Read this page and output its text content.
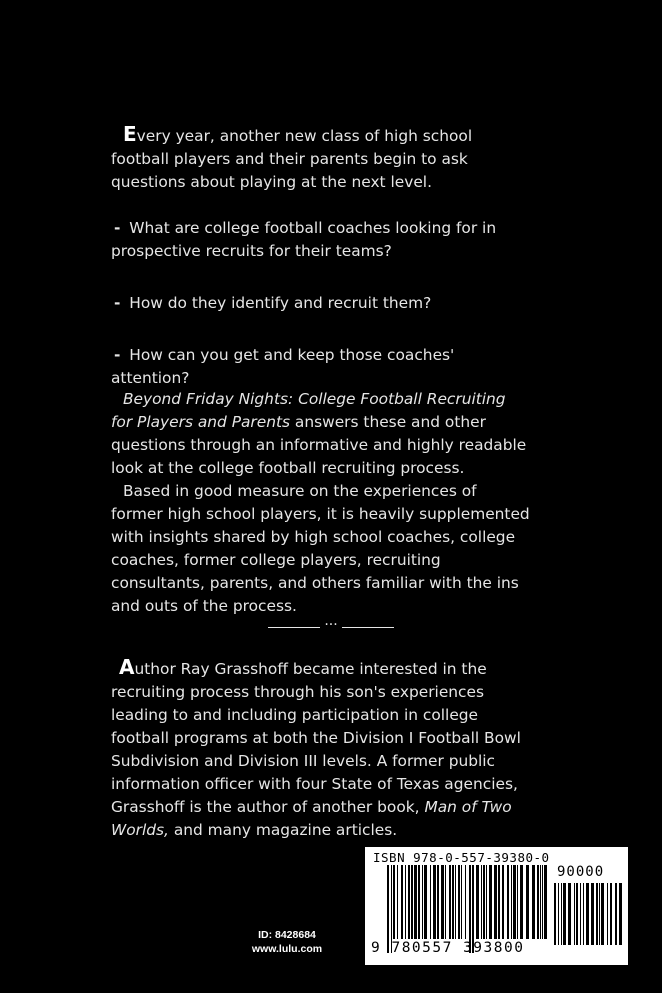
Every year, another new class of high school football players and their parents begin to ask questions about playing at the next level.

- What are college football coaches looking for in prospective recruits for their teams?

- How do they identify and recruit them?

- How can you get and keep those coaches' attention?

Beyond Friday Nights: College Football Recruiting for Players and Parents answers these and other questions through an informative and highly readable look at the college football recruiting process.

Based in good measure on the experiences of former high school players, it is heavily supplemented with insights shared by high school coaches, college coaches, former college players, recruiting consultants, parents, and others familiar with the ins and outs of the process.

...

Author Ray Grasshoff became interested in the recruiting process through his son's experiences leading to and including participation in college football programs at both the Division I Football Bowl Subdivision and Division III levels. A former public information officer with four State of Texas agencies, Grasshoff is the author of another book, Man of Two Worlds, and many magazine articles.

ID: 8428684
www.lulu.com
ISBN 978-0-557-39380-0
9 780557 393800
90000
